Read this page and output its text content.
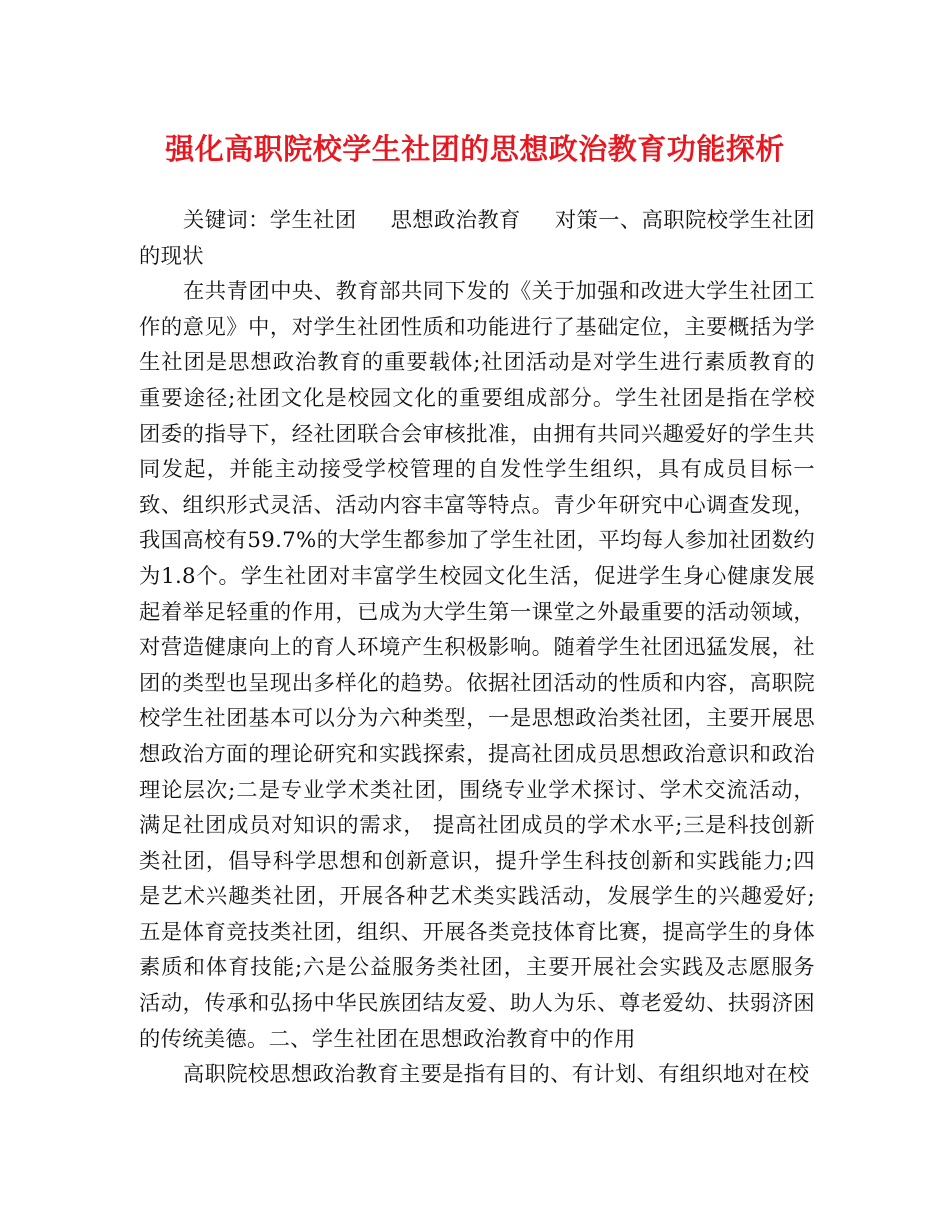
强化高职院校学生社团的思想政治教育功能探析

关键词：学生社团 思想政治教育 对策一、高职院校学生社团的现状

在共青团中央、教育部共同下发的《关于加强和改进大学生社团工作的意见》中，对学生社团性质和功能进行了基础定位，主要概括为学生社团是思想政治教育的重要载体;社团活动是对学生进行素质教育的重要途径;社团文化是校园文化的重要组成部分。学生社团是指在学校团委的指导下，经社团联合会审核批准，由拥有共同兴趣爱好的学生共同发起，并能主动接受学校管理的自发性学生组织，具有成员目标一致、组织形式灵活、活动内容丰富等特点。青少年研究中心调查发现，我国高校有59.7%的大学生都参加了学生社团，平均每人参加社团数约为1.8个。学生社团对丰富学生校园文化生活，促进学生身心健康发展起着举足轻重的作用，已成为大学生第一课堂之外最重要的活动领域，对营造健康向上的育人环境产生积极影响。随着学生社团迅猛发展，社团的类型也呈现出多样化的趋势。依据社团活动的性质和内容，高职院校学生社团基本可以分为六种类型，一是思想政治类社团，主要开展思想政治方面的理论研究和实践探索，提高社团成员思想政治意识和政治理论层次;二是专业学术类社团，围绕专业学术探讨、学术交流活动，满足社团成员对知识的需求， 提高社团成员的学术水平;三是科技创新类社团，倡导科学思想和创新意识，提升学生科技创新和实践能力;四是艺术兴趣类社团，开展各种艺术类实践活动，发展学生的兴趣爱好;五是体育竞技类社团，组织、开展各类竞技体育比赛，提高学生的身体素质和体育技能;六是公益服务类社团，主要开展社会实践及志愿服务活动，传承和弘扬中华民族团结友爱、助人为乐、尊老爱幼、扶弱济困的传统美德。二、学生社团在思想政治教育中的作用

高职院校思想政治教育主要是指有目的、有计划、有组织地对在校
